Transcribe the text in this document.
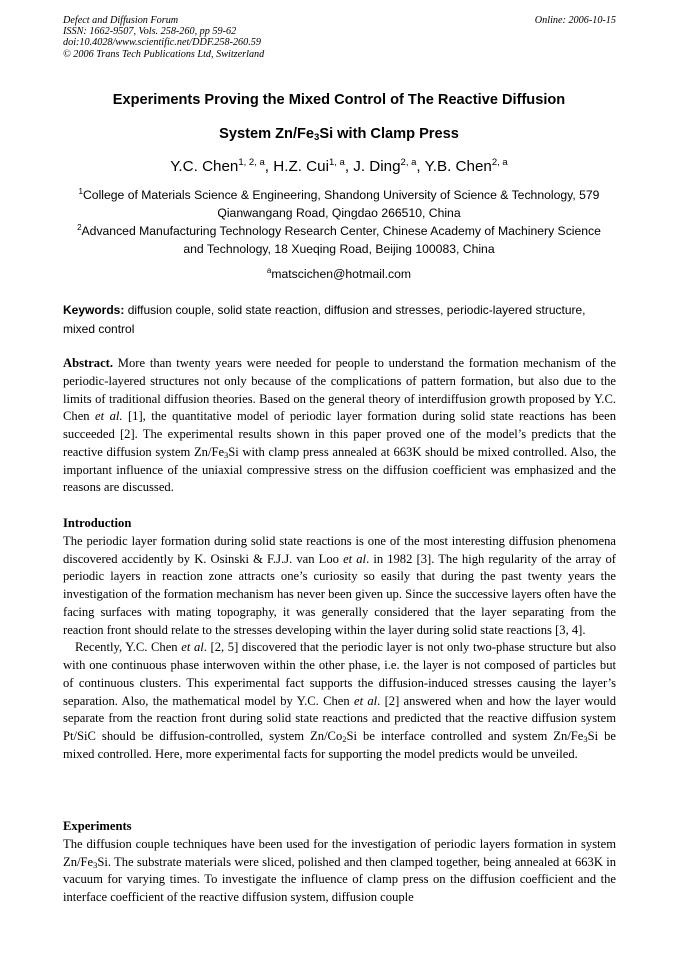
Defect and Diffusion Forum
ISSN: 1662-9507, Vols. 258-260, pp 59-62
doi:10.4028/www.scientific.net/DDF.258-260.59
© 2006 Trans Tech Publications Ltd, Switzerland
Online: 2006-10-15
Experiments Proving the Mixed Control of The Reactive Diffusion
System $Zn/Fe_3Si$ with Clamp Press
Y.C. Chen$^{1, 2, a}$, H.Z. Cui$^{1, a}$, J. Ding$^{2, a}$, Y.B. Chen$^{2, a}$
$^1$College of Materials Science & Engineering, Shandong University of Science & Technology, 579
Qianwangang Road, Qingdao 266510, China
$^2$Advanced Manufacturing Technology Research Center, Chinese Academy of Machinery Science
and Technology, 18 Xueqing Road, Beijing 100083, China
$^a$matscichen@hotmail.com
Keywords: diffusion couple, solid state reaction, diffusion and stresses, periodic-layered structure, mixed control

Abstract. More than twenty years were needed for people to understand the formation mechanism of the periodic-layered structures not only because of the complications of pattern formation, but also due to the limits of traditional diffusion theories. Based on the general theory of interdiffusion growth proposed by Y.C. Chen et al. [1], the quantitative model of periodic layer formation during solid state reactions has been succeeded [2]. The experimental results shown in this paper proved one of the model’s predicts that the reactive diffusion system $Zn/Fe_3Si$ with clamp press annealed at 663K should be mixed controlled. Also, the important influence of the uniaxial compressive stress on the diffusion coefficient was emphasized and the reasons are discussed.

Introduction

The periodic layer formation during solid state reactions is one of the most interesting diffusion phenomena discovered accidently by K. Osinski & F.J.J. van Loo et al. in 1982 [3]. The high regularity of the array of periodic layers in reaction zone attracts one’s curiosity so easily that during the past twenty years the investigation of the formation mechanism has never been given up. Since the successive layers often have the facing surfaces with mating topography, it was generally considered that the layer separating from the reaction front should relate to the stresses developing within the layer during solid state reactions [3, 4].

Recently, Y.C. Chen et al. [2, 5] discovered that the periodic layer is not only two-phase structure but also with one continuous phase interwoven within the other phase, i.e. the layer is not composed of particles but of continuous clusters. This experimental fact supports the diffusion-induced stresses causing the layer’s separation. Also, the mathematical model by Y.C. Chen et al. [2] answered when and how the layer would separate from the reaction front during solid state reactions and predicted that the reactive diffusion system Pt/SiC should be diffusion-controlled, system $Zn/Co_2Si$ be interface controlled and system $Zn/Fe_3Si$ be mixed controlled. Here, more experimental facts for supporting the model predicts would be unveiled.

Experiments

The diffusion couple techniques have been used for the investigation of periodic layers formation in system $Zn/Fe_3Si$. The substrate materials were sliced, polished and then clamped together, being annealed at 663K in vacuum for varying times. To investigate the influence of clamp press on the diffusion coefficient and the interface coefficient of the reactive diffusion system, diffusion couple
